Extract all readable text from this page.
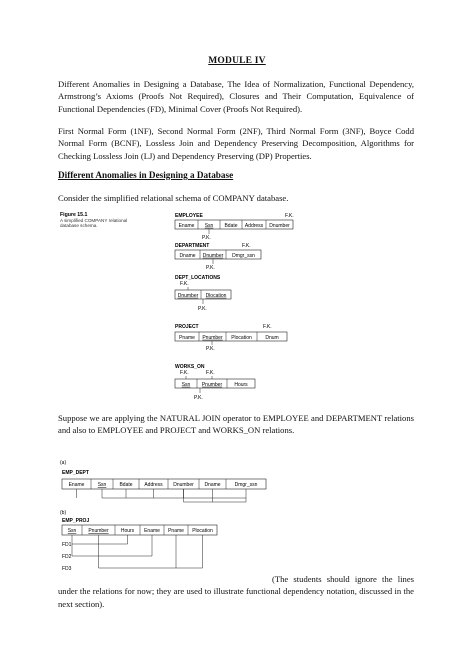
MODULE IV
Different Anomalies in Designing a Database, The Idea of Normalization, Functional Dependency, Armstrong’s Axioms (Proofs Not Required), Closures and Their Computation, Equivalence of Functional Dependencies (FD), Minimal Cover (Proofs Not Required).
First Normal Form (1NF), Second Normal Form (2NF), Third Normal Form (3NF), Boyce Codd Normal Form (BCNF), Lossless Join and Dependency Preserving Decomposition, Algorithms for Checking Lossless Join (LJ) and Dependency Preserving (DP) Properties.
Different Anomalies in Designing a Database
Consider the simplified relational schema of COMPANY database.
Figure 15.1
A simplified COMPANY relational
database schema.
EMPLOYEE	F.K.
Ename Ssn Bdate Address Dnumber
P.K.
DEPARTMENT	F.K.
Dname Dnumber Dmgr_ssn
P.K.
DEPT_LOCATIONS
F.K.
Dnumber Dlocation
P.K.
PROJECT	F.K.
Pname Pnumber Plocation	Dnum
P.K.
WORKS_ON
F.K.	F.K.
Ssn Pnumber Hours
P.K.
Suppose we are applying the NATURAL JOIN operator to EMPLOYEE and DEPARTMENT relations and also to EMPLOYEE and PROJECT and WORKS_ON relations.
(a)
EMP_DEPT
Ename	Ssn	Bdate Address Dnumber Dname	Dmgr_ssn
(b)
EMP_PROJ
Ssn Pnumber Hours Ename Pname Plocation
FD1
FD2
FD3
(The students should ignore the lines under the relations for now; they are used to illustrate functional dependency notation, discussed in the next section).
